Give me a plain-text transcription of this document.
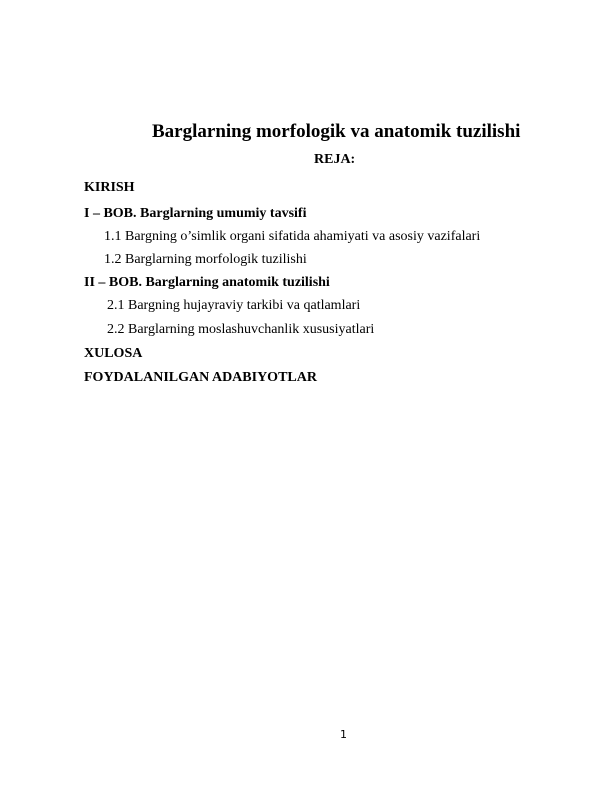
Barglarning morfologik va anatomik tuzilishi
REJA:
KIRISH
I – BOB. Barglarning umumiy tavsifi
1.1 Bargning o’simlik organi sifatida ahamiyati va asosiy vazifalari
1.2 Barglarning morfologik tuzilishi
II – BOB. Barglarning anatomik tuzilishi
2.1 Bargning hujayraviy tarkibi va qatlamlari
2.2 Barglarning moslashuvchanlik xususiyatlari
XULOSA
FOYDALANILGAN ADABIYOTLAR
1
